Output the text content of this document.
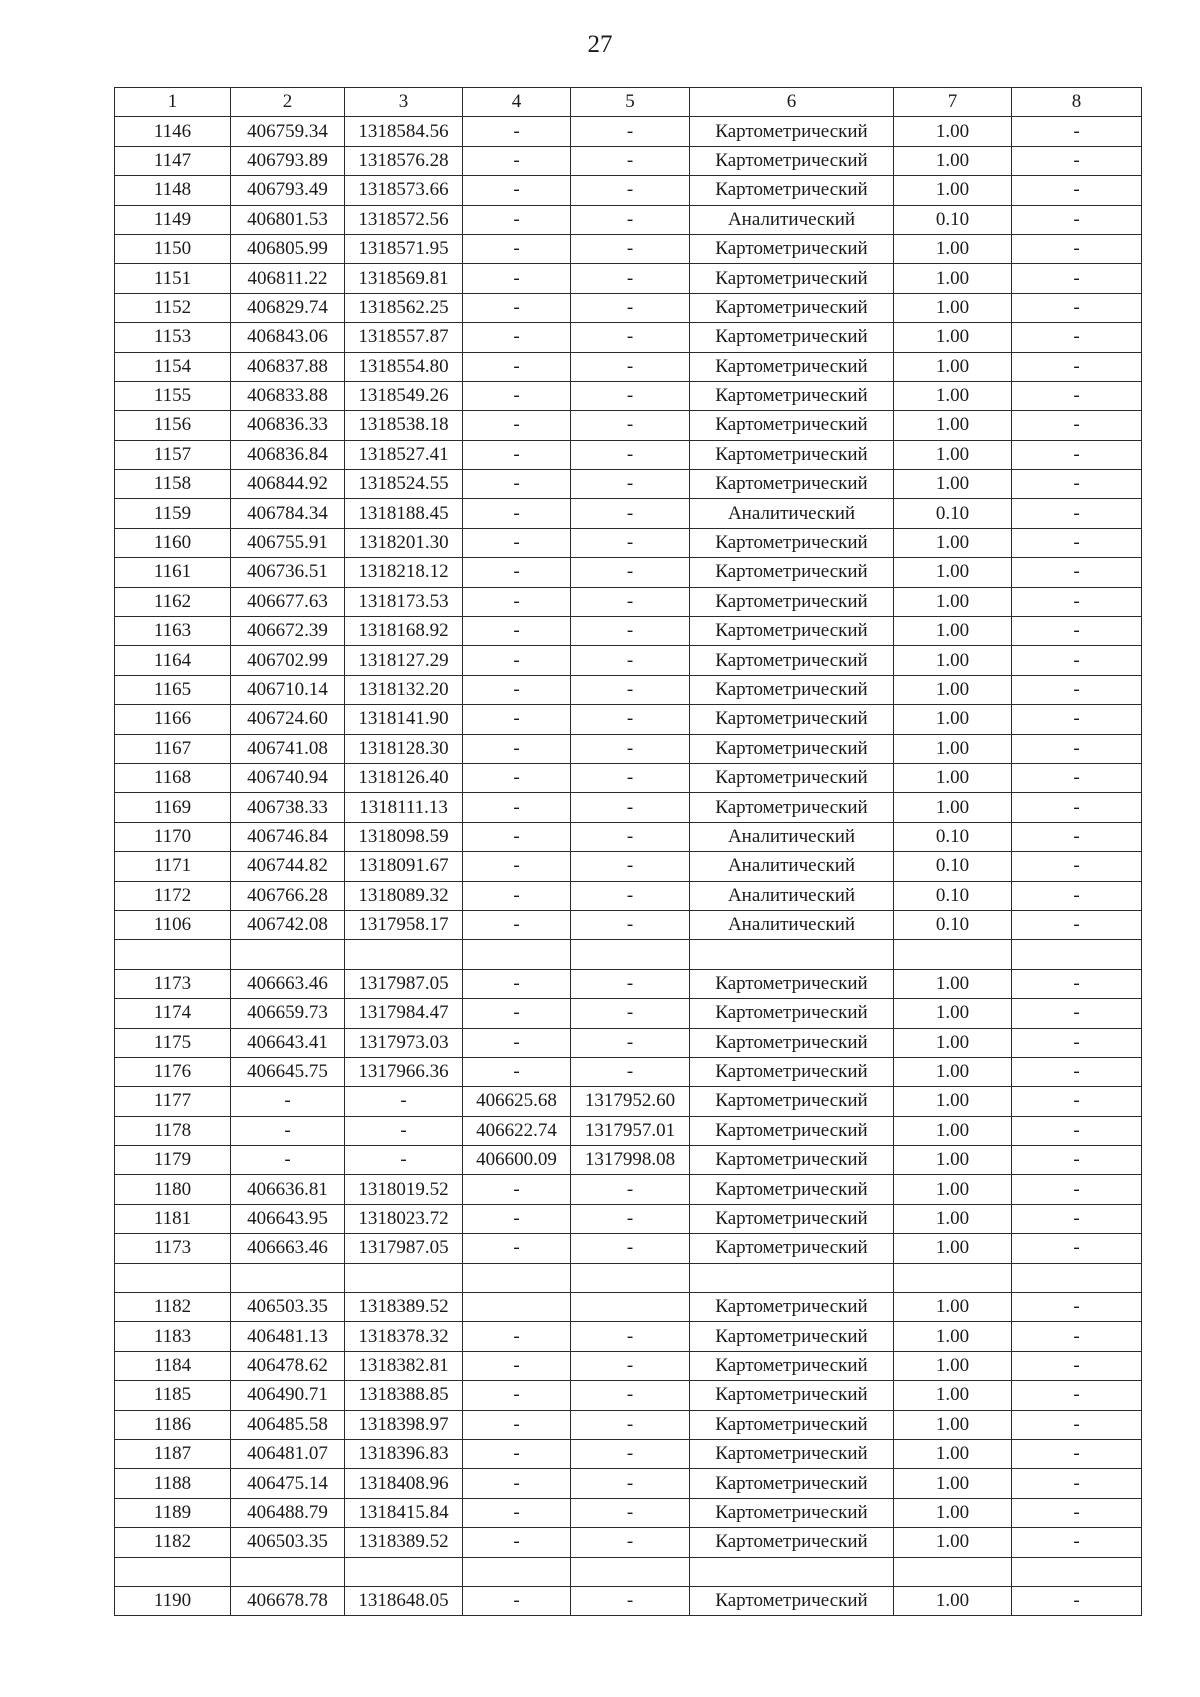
27
1	2	3	4	5	6	7	8
1146	406759.34	1318584.56	-	-	Картометрический	1.00	-
1147	406793.89	1318576.28	-	-	Картометрический	1.00	-
1148	406793.49	1318573.66	-	-	Картометрический	1.00	-
1149	406801.53	1318572.56	-	-	Аналитический	0.10	-
1150	406805.99	1318571.95	-	-	Картометрический	1.00	-
1151	406811.22	1318569.81	-	-	Картометрический	1.00	-
1152	406829.74	1318562.25	-	-	Картометрический	1.00	-
1153	406843.06	1318557.87	-	-	Картометрический	1.00	-
1154	406837.88	1318554.80	-	-	Картометрический	1.00	-
1155	406833.88	1318549.26	-	-	Картометрический	1.00	-
1156	406836.33	1318538.18	-	-	Картометрический	1.00	-
1157	406836.84	1318527.41	-	-	Картометрический	1.00	-
1158	406844.92	1318524.55	-	-	Картометрический	1.00	-
1159	406784.34	1318188.45	-	-	Аналитический	0.10	-
1160	406755.91	1318201.30	-	-	Картометрический	1.00	-
1161	406736.51	1318218.12	-	-	Картометрический	1.00	-
1162	406677.63	1318173.53	-	-	Картометрический	1.00	-
1163	406672.39	1318168.92	-	-	Картометрический	1.00	-
1164	406702.99	1318127.29	-	-	Картометрический	1.00	-
1165	406710.14	1318132.20	-	-	Картометрический	1.00	-
1166	406724.60	1318141.90	-	-	Картометрический	1.00	-
1167	406741.08	1318128.30	-	-	Картометрический	1.00	-
1168	406740.94	1318126.40	-	-	Картометрический	1.00	-
1169	406738.33	1318111.13	-	-	Картометрический	1.00	-
1170	406746.84	1318098.59	-	-	Аналитический	0.10	-
1171	406744.82	1318091.67	-	-	Аналитический	0.10	-
1172	406766.28	1318089.32	-	-	Аналитический	0.10	-
1106	406742.08	1317958.17	-	-	Аналитический	0.10	-

1173	406663.46	1317987.05	-	-	Картометрический	1.00	-
1174	406659.73	1317984.47	-	-	Картометрический	1.00	-
1175	406643.41	1317973.03	-	-	Картометрический	1.00	-
1176	406645.75	1317966.36	-	-	Картометрический	1.00	-
1177	-	-	406625.68	1317952.60	Картометрический	1.00	-
1178	-	-	406622.74	1317957.01	Картометрический	1.00	-
1179	-	-	406600.09	1317998.08	Картометрический	1.00	-
1180	406636.81	1318019.52	-	-	Картометрический	1.00	-
1181	406643.95	1318023.72	-	-	Картометрический	1.00	-
1173	406663.46	1317987.05	-	-	Картометрический	1.00	-

1182	406503.35	1318389.52			Картометрический	1.00	-
1183	406481.13	1318378.32	-	-	Картометрический	1.00	-
1184	406478.62	1318382.81	-	-	Картометрический	1.00	-
1185	406490.71	1318388.85	-	-	Картометрический	1.00	-
1186	406485.58	1318398.97	-	-	Картометрический	1.00	-
1187	406481.07	1318396.83	-	-	Картометрический	1.00	-
1188	406475.14	1318408.96	-	-	Картометрический	1.00	-
1189	406488.79	1318415.84	-	-	Картометрический	1.00	-
1182	406503.35	1318389.52	-	-	Картометрический	1.00	-

1190	406678.78	1318648.05	-	-	Картометрический	1.00	-
